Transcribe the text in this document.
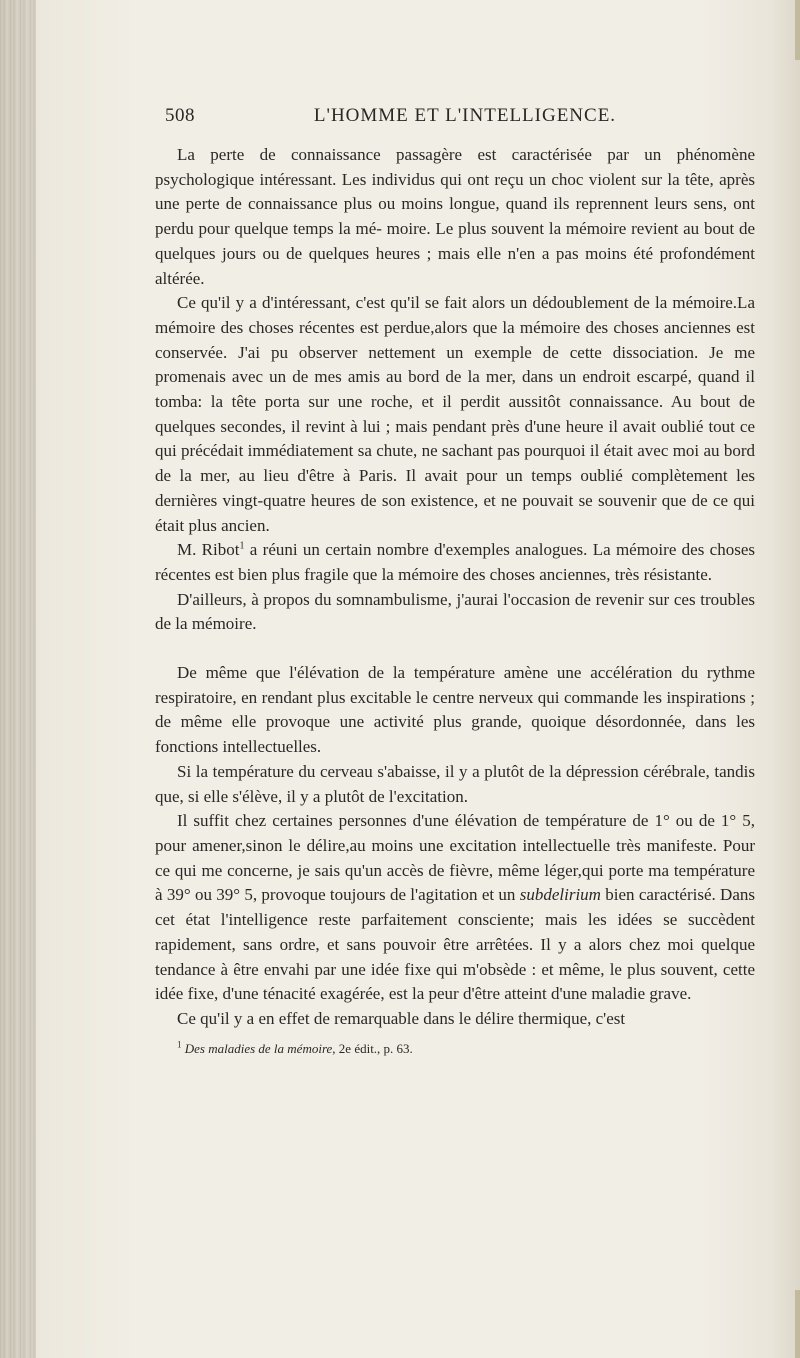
508	L'HOMME ET L'INTELLIGENCE.

La perte de connaissance passagère est caractérisée par un phénomène psychologique intéressant. Les individus qui ont reçu un choc violent sur la tête, après une perte de connaissance plus ou moins longue, quand ils reprennent leurs sens, ont perdu pour quelque temps la mé- moire. Le plus souvent la mémoire revient au bout de quelques jours ou de quelques heures ; mais elle n'en a pas moins été profondément altérée.

Ce qu'il y a d'intéressant, c'est qu'il se fait alors un dédoublement de la mémoire.La mémoire des choses récentes est perdue,alors que la mémoire des choses anciennes est conservée. J'ai pu observer nettement un exemple de cette dissociation. Je me promenais avec un de mes amis au bord de la mer, dans un endroit escarpé, quand il tomba: la tête porta sur une roche, et il perdit aussitôt connaissance. Au bout de quelques secondes, il revint à lui ; mais pendant près d'une heure il avait oublié tout ce qui précédait immédiatement sa chute, ne sachant pas pourquoi il était avec moi au bord de la mer, au lieu d'être à Paris. Il avait pour un temps oublié complètement les dernières vingt-quatre heures de son existence, et ne pouvait se souvenir que de ce qui était plus ancien.

M. Ribot$^1$ a réuni un certain nombre d'exemples analogues. La mémoire des choses récentes est bien plus fragile que la mémoire des choses anciennes, très résistante.

D'ailleurs, à propos du somnambulisme, j'aurai l'occasion de revenir sur ces troubles de la mémoire.

De même que l'élévation de la température amène une accélération du rythme respiratoire, en rendant plus excitable le centre nerveux qui commande les inspirations ; de même elle provoque une activité plus grande, quoique désordonnée, dans les fonctions intellectuelles.

Si la température du cerveau s'abaisse, il y a plutôt de la dépression cérébrale, tandis que, si elle s'élève, il y a plutôt de l'excitation.

Il suffit chez certaines personnes d'une élévation de température de 1° ou de 1° 5, pour amener,sinon le délire,au moins une excitation intellectuelle très manifeste. Pour ce qui me concerne, je sais qu'un accès de fièvre, même léger,qui porte ma température à 39° ou 39° 5, provoque toujours de l'agitation et un subdelirium bien caractérisé. Dans cet état l'intelligence reste parfaitement consciente; mais les idées se succèdent rapidement, sans ordre, et sans pouvoir être arrêtées. Il y a alors chez moi quelque tendance à être envahi par une idée fixe qui m'obsède : et même, le plus souvent, cette idée fixe, d'une ténacité exagérée, est la peur d'être atteint d'une maladie grave.

Ce qu'il y a en effet de remarquable dans le délire thermique, c'est

$^1$ Des maladies de la mémoire, 2e édit., p. 63.
